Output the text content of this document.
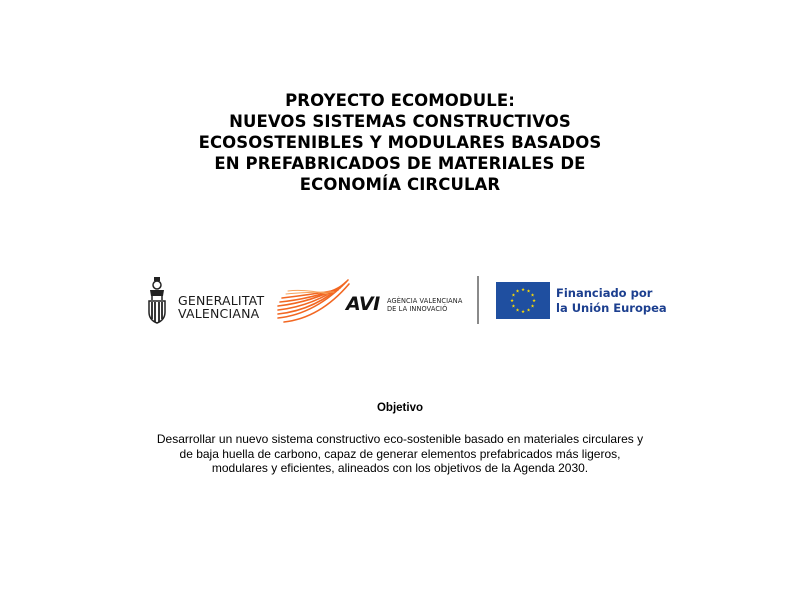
PROYECTO ECOMODULE:
NUEVOS SISTEMAS CONSTRUCTIVOS
ECOSOSTENIBLES Y MODULARES BASADOS
EN PREFABRICADOS DE MATERIALES DE
ECONOMÍA CIRCULAR
GENERALITAT
VALENCIANA	AVI AGÈNCIA VALENCIANA
DE LA INNOVACIÓ
★ ★
★
★
★
★
★
★
★
★
★
★	Financiado por
la Unión Europea
Objetivo
Desarrollar un nuevo sistema constructivo eco-sostenible basado en materiales circulares y
de baja huella de carbono, capaz de generar elementos prefabricados más ligeros,
modulares y eficientes, alineados con los objetivos de la Agenda 2030.
